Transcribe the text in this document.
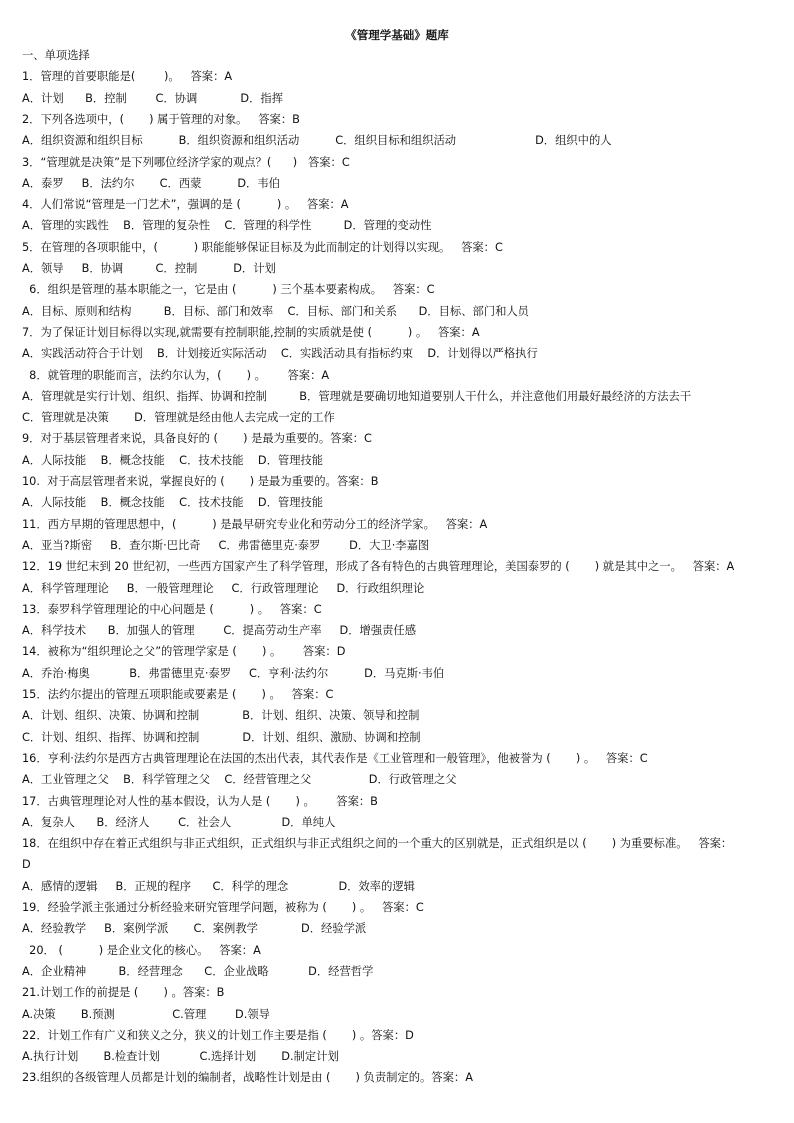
《管理学基础》题库
一、单项选择
1．管理的首要职能是(        )。   答案：A
A．计划      B．控制        C．协调            D．指挥
2．下列各选项中，(       ) 属于管理的对象。   答案：B
A．组织资源和组织目标          B．组织资源和组织活动          C．组织目标和组织活动                      D．组织中的人
3．“管理就是决策”是下列哪位经济学家的观点？(      )   答案：C
A．泰罗     B．法约尔       C．西蒙          D．韦伯
4．人们常说“管理是一门艺术”，强调的是 (          ) 。   答案：A
A．管理的实践性    B．管理的复杂性    C．管理的科学性         D．管理的变动性
5．在管理的各项职能中，(          ) 职能能够保证目标及为此而制定的计划得以实现。   答案：C
A．领导     B．协调         C．控制          D．计划
6．组织是管理的基本职能之一，它是由 (          ) 三个基本要素构成。   答案：C
A．目标、原则和结构         B．目标、部门和效率    C．目标、部门和关系      D．目标、部门和人员
7．为了保证计划目标得以实现,就需要有控制职能,控制的实质就是使 (          ) 。   答案：A
A．实践活动符合于计划    B．计划接近实际活动    C．实践活动具有指标约束    D．计划得以严格执行
8．就管理的职能而言，法约尔认为，(       ) 。      答案：A
A．管理就是实行计划、组织、指挥、协调和控制         B．管理就是要确切地知道要别人干什么，并注意他们用最好最经济的方法去干
C．管理就是决策       D．管理就是经由他人去完成一定的工作
9．对于基层管理者来说，具备良好的 (       ) 是最为重要的。答案：C
A．人际技能    B．概念技能    C．技术技能    D．管理技能
10.  对于高层管理者来说，掌握良好的 (       ) 是最为重要的。答案：B
A．人际技能    B．概念技能    C．技术技能    D．管理技能
11．西方早期的管理思想中，(          ) 是最早研究专业化和劳动分工的经济学家。   答案：A
A．亚当?斯密     B．查尔斯·巴比奇     C．弗雷德里克·泰罗        D．大卫·李嘉图
12．19 世纪末到 20 世纪初，一些西方国家产生了科学管理，形成了各有特色的古典管理理论，美国泰罗的 (       ) 就是其中之一。   答案：A
A．科学管理理论     B．一般管理理论     C．行政管理理论     D．行政组织理论
13．泰罗科学管理理论的中心问题是 (          ) 。   答案：C
A．科学技术      B．加强人的管理        C．提高劳动生产率     D．增强责任感
14．被称为“组织理论之父”的管理学家是 (       ) 。      答案：D
A．乔治·梅奥           B．弗雷德里克·泰罗     C．亨利·法约尔          D．马克斯·韦伯
15．法约尔提出的管理五项职能或要素是 (       ) 。   答案：C
A．计划、组织、决策、协调和控制            B．计划、组织、决策、领导和控制
C．计划、组织、指挥、协调和控制            D．计划、组织、激励、协调和控制
16．亨利·法约尔是西方古典管理理论在法国的杰出代表，其代表作是《工业管理和一般管理》，他被誉为 (       ) 。   答案：C
A．工业管理之父    B．科学管理之父    C．经营管理之父                D．行政管理之父
17．古典管理理论对人性的基本假设，认为人是 (       ) 。      答案：B
A．复杂人      B．经济人        C．社会人              D．单纯人
18．在组织中存在着正式组织与非正式组织，正式组织与非正式组织之间的一个重大的区别就是，正式组织是以 (       ) 为重要标准。   答案：
D
A．感情的逻辑     B．正规的程序      C．科学的理念              D．效率的逻辑
19．经验学派主张通过分析经验来研究管理学问题，被称为 (       ) 。   答案：C
A．经验教学     B．案例学派       C．案例教学            D．经验学派
20． (          ) 是企业文化的核心。   答案：A
A．企业精神         B．经营理念      C．企业战略           D．经营哲学
21.计划工作的前提是 (       ) 。答案：B
A.决策       B.预测                C.管理        D.领导
22．计划工作有广义和狭义之分，狭义的计划工作主要是指 (       ) 。答案：D
A.执行计划       B.检查计划           C.选择计划       D.制定计划
23.组织的各级管理人员都是计划的编制者，战略性计划是由 (       ) 负责制定的。答案：A
